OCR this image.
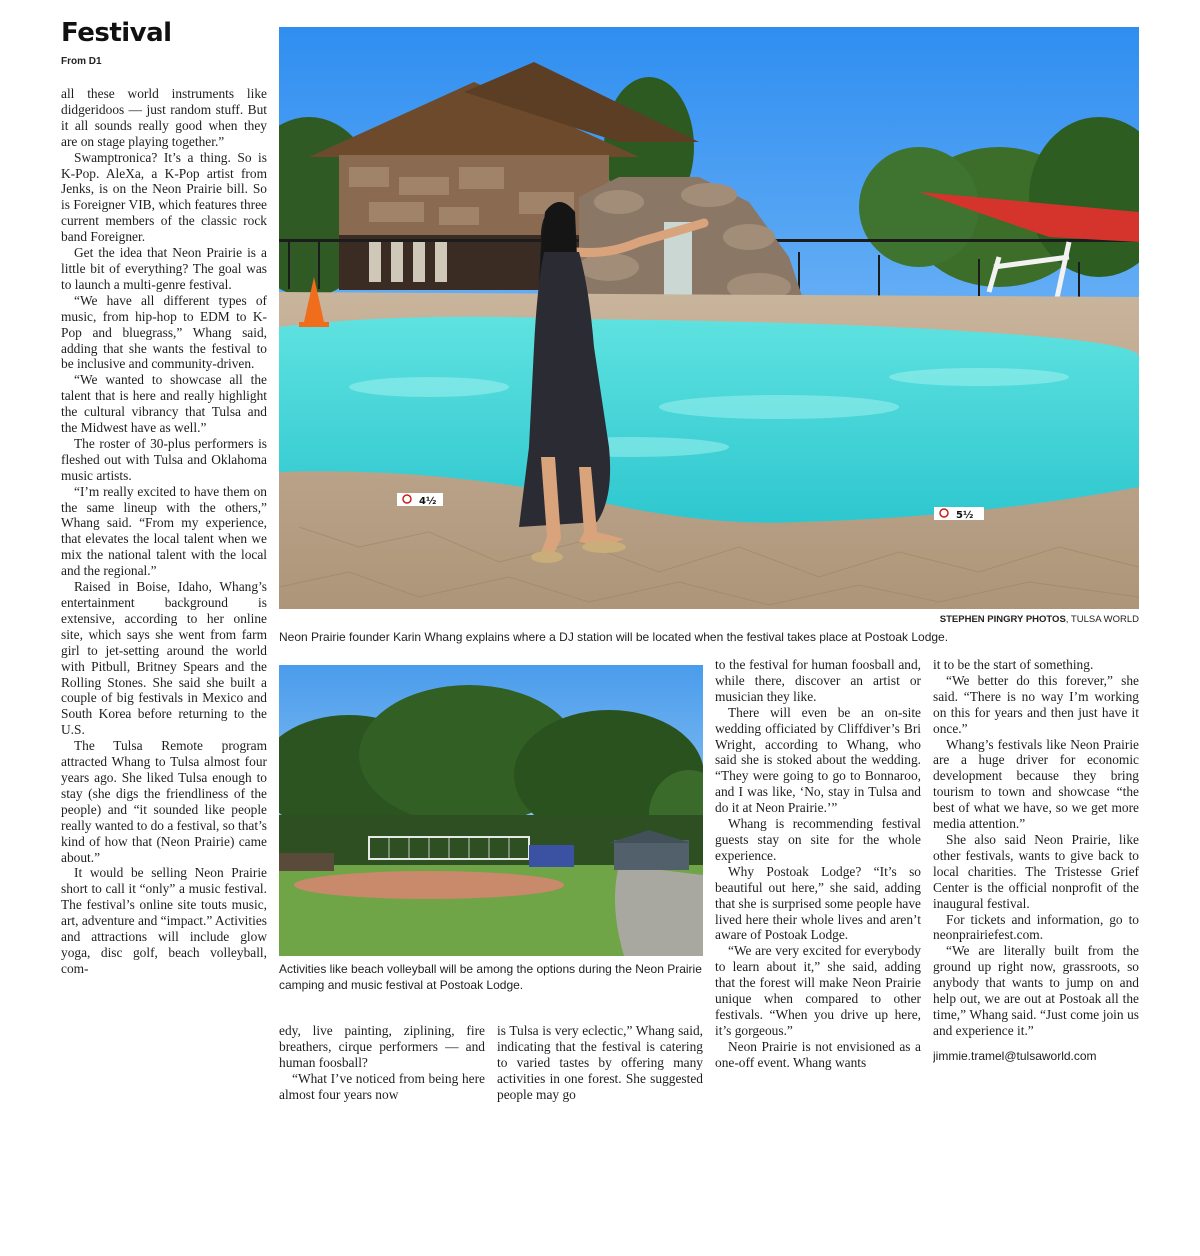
Festival
From D1

all these world instruments like didgeridoos — just random stuff. But it all sounds really good when they are on stage playing together.”

Swamptronica? It’s a thing. So is K-Pop. AleXa, a K-Pop artist from Jenks, is on the Neon Prairie bill. So is Foreigner VIB, which features three current members of the classic rock band Foreigner.

Get the idea that Neon Prairie is a little bit of everything? The goal was to launch a multi-genre festival.

“We have all different types of music, from hip-hop to EDM to K-Pop and bluegrass,” Whang said, adding that she wants the festival to be inclusive and community-driven.

“We wanted to showcase all the talent that is here and really highlight the cultural vibrancy that Tulsa and the Midwest have as well.”

The roster of 30-plus performers is fleshed out with Tulsa and Oklahoma music artists.

“I’m really excited to have them on the same lineup with the others,” Whang said. “From my experience, that elevates the local talent when we mix the national talent with the local and the regional.”

Raised in Boise, Idaho, Whang’s entertainment background is extensive, according to her online site, which says she went from farm girl to jet-setting around the world with Pitbull, Britney Spears and the Rolling Stones. She said she built a couple of big festivals in Mexico and South Korea before returning to the U.S.

The Tulsa Remote program attracted Whang to Tulsa almost four years ago. She liked Tulsa enough to stay (she digs the friendliness of the people) and “it sounded like people really wanted to do a festival, so that’s kind of how that (Neon Prairie) came about.”

It would be selling Neon Prairie short to call it “only” a music festival. The festival’s online site touts music, art, adventure and “impact.” Activities and attractions will include glow yoga, disc golf, beach volleyball, com-

4½
5½
STEPHEN PINGRY PHOTOS, TULSA WORLD
Neon Prairie founder Karin Whang explains where a DJ station will be located when the festival takes place at Postoak Lodge.
Activities like beach volleyball will be among the options during the Neon Prairie camping and music festival at Postoak Lodge.

edy, live painting, ziplining, fire breathers, cirque performers — and human foosball?

“What I’ve noticed from being here almost four years now

is Tulsa is very eclectic,” Whang said, indicating that the festival is catering to varied tastes by offering many activities in one forest. She suggested people may go

to the festival for human foosball and, while there, discover an artist or musician they like.

There will even be an on-site wedding officiated by Cliffdiver’s Bri Wright, according to Whang, who said she is stoked about the wedding. “They were going to go to Bonnaroo, and I was like, ‘No, stay in Tulsa and do it at Neon Prairie.’”

Whang is recommending festival guests stay on site for the whole experience.

Why Postoak Lodge? “It’s so beautiful out here,” she said, adding that she is surprised some people have lived here their whole lives and aren’t aware of Postoak Lodge.

“We are very excited for everybody to learn about it,” she said, adding that the forest will make Neon Prairie unique when compared to other festivals. “When you drive up here, it’s gorgeous.”

Neon Prairie is not envisioned as a one-off event. Whang wants

it to be the start of something.

“We better do this forever,” she said. “There is no way I’m working on this for years and then just have it once.”

Whang’s festivals like Neon Prairie are a huge driver for economic development because they bring tourism to town and showcase “the best of what we have, so we get more media attention.”

She also said Neon Prairie, like other festivals, wants to give back to local charities. The Tristesse Grief Center is the official nonprofit of the inaugural festival.

For tickets and information, go to neonprairiefest.com.

“We are literally built from the ground up right now, grassroots, so anybody that wants to jump on and help out, we are out at Postoak all the time,” Whang said. “Just come join us and experience it.”

jimmie.tramel@tulsaworld.com
